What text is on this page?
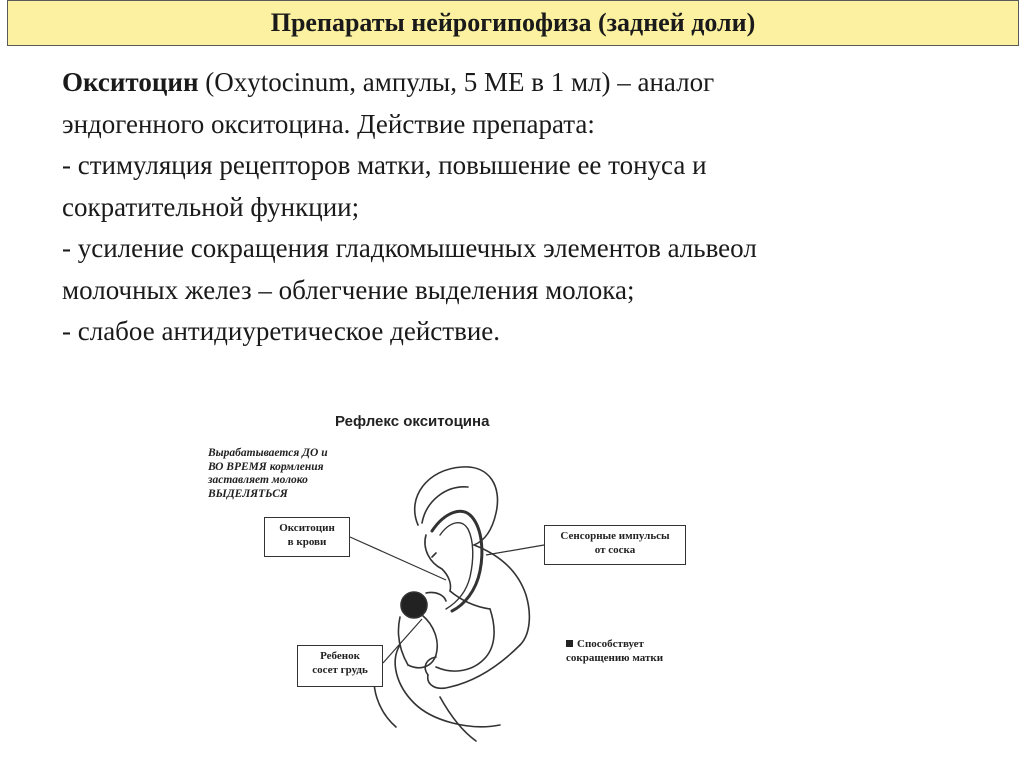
Препараты нейрогипофиза (задней доли)

Окситоцин (Oxytocinum, ампулы, 5 МЕ в 1 мл) – аналог

эндогенного окситоцина. Действие препарата:

- стимуляция рецепторов матки, повышение ее тонуса и

сократительной функции;

- усиление сокращения гладкомышечных элементов альвеол

молочных желез – облегчение выделения молока;

- слабое антидиуретическое действие.

Рефлекс окситоцина
Вырабатывается ДО и
ВО ВРЕМЯ кормления
заставляет молоко
ВЫДЕЛЯТЬСЯ
Окситоцин
в крови	Сенсорные импульсы
от соска
Ребенок
сосет грудь
Способствует
сокращению матки
